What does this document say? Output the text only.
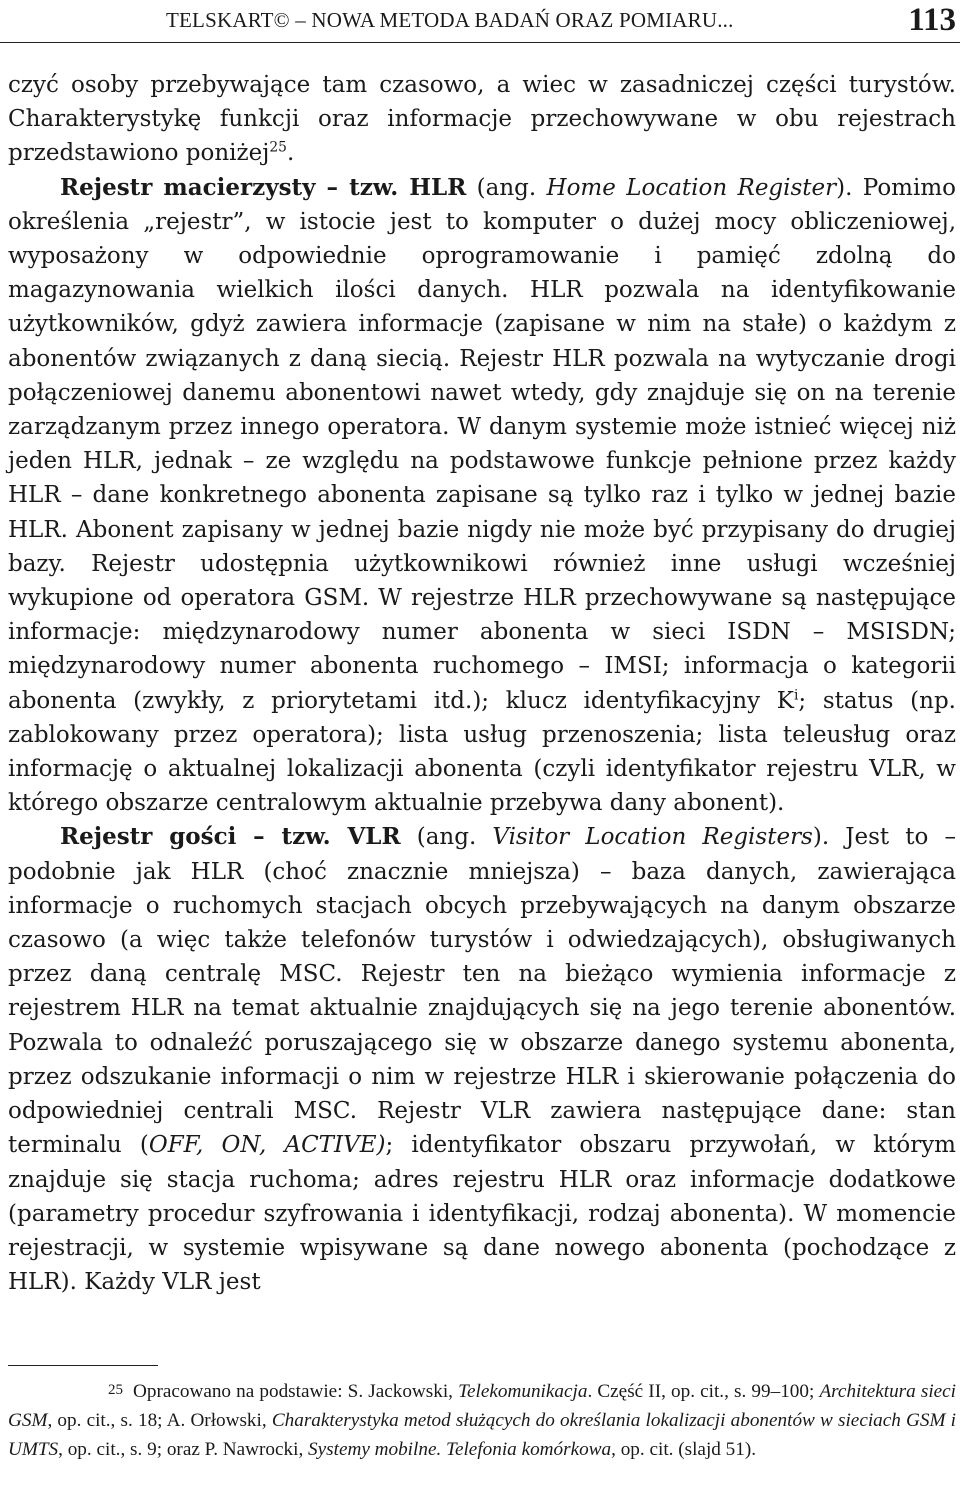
TELSKART© – NOWA METODA BADAŃ ORAZ POMIARU...	113

czyć osoby przebywające tam czasowo, a wiec w zasadniczej części turystów. Charakterystykę funkcji oraz informacje przechowywane w obu rejestrach przedstawiono poniżej$^{25}$.

Rejestr macierzysty – tzw. HLR (ang. Home Location Register). Pomimo określenia „rejestr”, w istocie jest to komputer o dużej mocy obliczeniowej, wyposażony w odpowiednie oprogramowanie i pamięć zdolną do magazynowania wielkich ilości danych. HLR pozwala na identyfikowanie użytkowników, gdyż zawiera informacje (zapisane w nim na stałe) o każdym z abonentów związanych z daną siecią. Rejestr HLR pozwala na wytyczanie drogi połączeniowej danemu abonentowi nawet wtedy, gdy znajduje się on na terenie zarządzanym przez innego operatora. W danym systemie może istnieć więcej niż jeden HLR, jednak – ze względu na podstawowe funkcje pełnione przez każdy HLR – dane konkretnego abonenta zapisane są tylko raz i tylko w jednej bazie HLR. Abonent zapisany w jednej bazie nigdy nie może być przypisany do drugiej bazy. Rejestr udostępnia użytkownikowi również inne usługi wcześniej wykupione od operatora GSM. W rejestrze HLR przechowywane są następujące informacje: międzynarodowy numer abonenta w sieci ISDN – MSISDN; międzynarodowy numer abonenta ruchomego – IMSI; informacja o kategorii abonenta (zwykły, z priorytetami itd.); klucz identyfikacyjny $K^i$; status (np. zablokowany przez operatora); lista usług przenoszenia; lista teleusług oraz informację o aktualnej lokalizacji abonenta (czyli identyfikator rejestru VLR, w którego obszarze centralowym aktualnie przebywa dany abonent).

Rejestr gości – tzw. VLR (ang. Visitor Location Registers). Jest to – podobnie jak HLR (choć znacznie mniejsza) – baza danych, zawierająca informacje o ruchomych stacjach obcych przebywających na danym obszarze czasowo (a więc także telefonów turystów i odwiedzających), obsługiwanych przez daną centralę MSC. Rejestr ten na bieżąco wymienia informacje z rejestrem HLR na temat aktualnie znajdujących się na jego terenie abonentów. Pozwala to odnaleźć poruszającego się w obszarze danego systemu abonenta, przez odszukanie informacji o nim w rejestrze HLR i skierowanie połączenia do odpowiedniej centrali MSC. Rejestr VLR zawiera następujące dane: stan terminalu (OFF, ON, ACTIVE); identyfikator obszaru przywołań, w którym znajduje się stacja ruchoma; adres rejestru HLR oraz informacje dodatkowe (parametry procedur szyfrowania i identyfikacji, rodzaj abonenta). W momencie rejestracji, w systemie wpisywane są dane nowego abonenta (pochodzące z HLR). Każdy VLR jest

25 Opracowano na podstawie: S. Jackowski, Telekomunikacja. Część II, op. cit., s. 99–100; Architektura sieci GSM, op. cit., s. 18; A. Orłowski, Charakterystyka metod służących do określania lokalizacji abonentów w sieciach GSM i UMTS, op. cit., s. 9; oraz P. Nawrocki, Systemy mobilne. Telefonia komórkowa, op. cit. (slajd 51).
